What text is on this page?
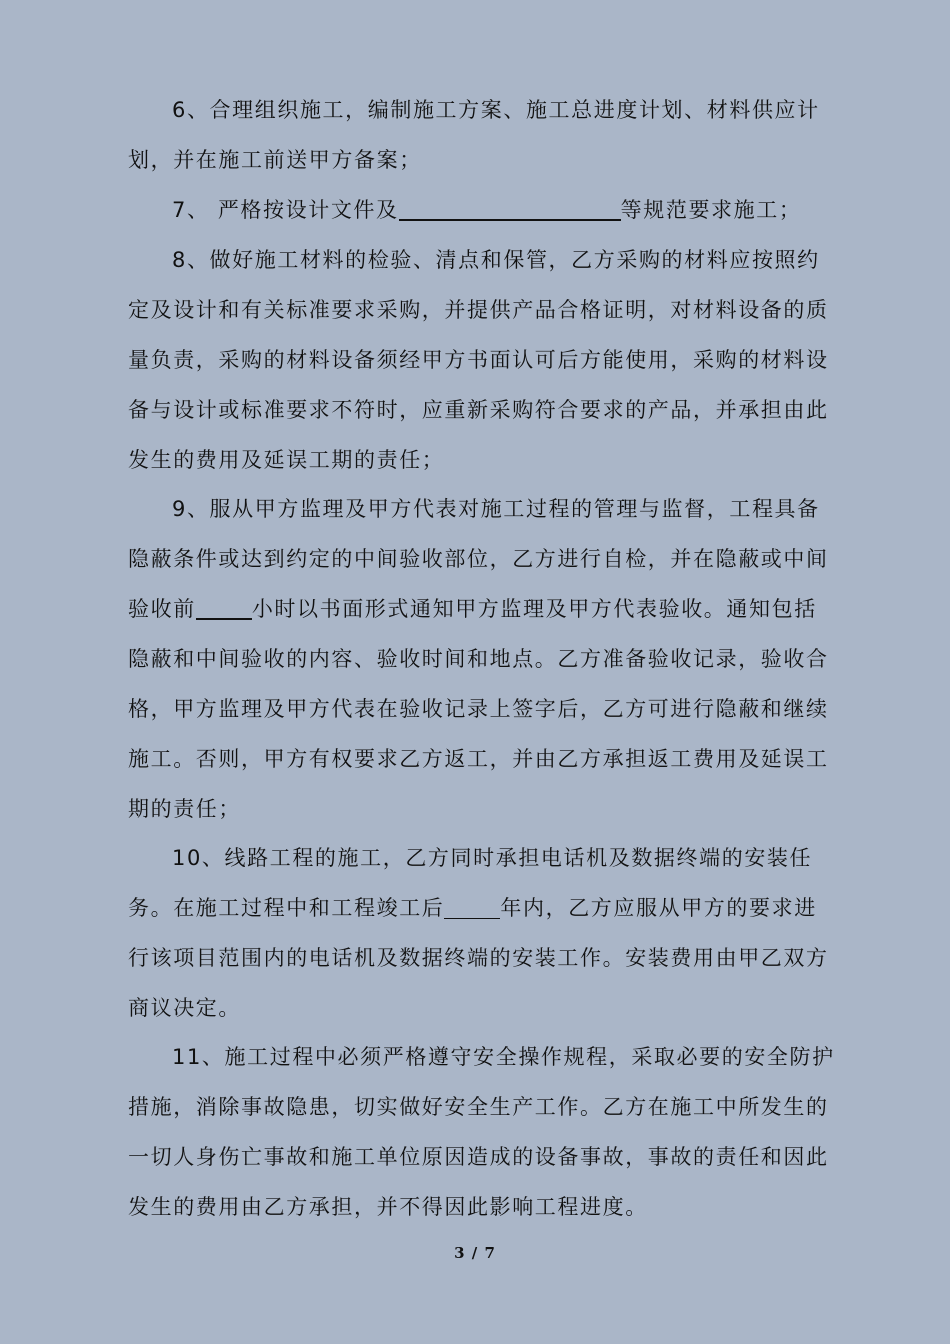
6、合理组织施工，编制施工方案、施工总进度计划、材料供应计
划，并在施工前送甲方备案；
7、 严格按设计文件及	等规范要求施工；
8、做好施工材料的检验、清点和保管，乙方采购的材料应按照约
定及设计和有关标准要求采购，并提供产品合格证明，对材料设备的质
量负责，采购的材料设备须经甲方书面认可后方能使用，采购的材料设
备与设计或标准要求不符时，应重新采购符合要求的产品，并承担由此
发生的费用及延误工期的责任；
9、服从甲方监理及甲方代表对施工过程的管理与监督，工程具备
隐蔽条件或达到约定的中间验收部位，乙方进行自检，并在隐蔽或中间
验收前	小时以书面形式通知甲方监理及甲方代表验收。通知包括
隐蔽和中间验收的内容、验收时间和地点。乙方准备验收记录，验收合
格，甲方监理及甲方代表在验收记录上签字后，乙方可进行隐蔽和继续
施工。否则，甲方有权要求乙方返工，并由乙方承担返工费用及延误工
期的责任；
10、线路工程的施工，乙方同时承担电话机及数据终端的安装任
务。在施工过程中和工程竣工后	年内，乙方应服从甲方的要求进
行该项目范围内的电话机及数据终端的安装工作。安装费用由甲乙双方
商议决定。
11、施工过程中必须严格遵守安全操作规程，采取必要的安全防护
措施，消除事故隐患，切实做好安全生产工作。乙方在施工中所发生的
一切人身伤亡事故和施工单位原因造成的设备事故，事故的责任和因此
发生的费用由乙方承担，并不得因此影响工程进度。
3 / 7
